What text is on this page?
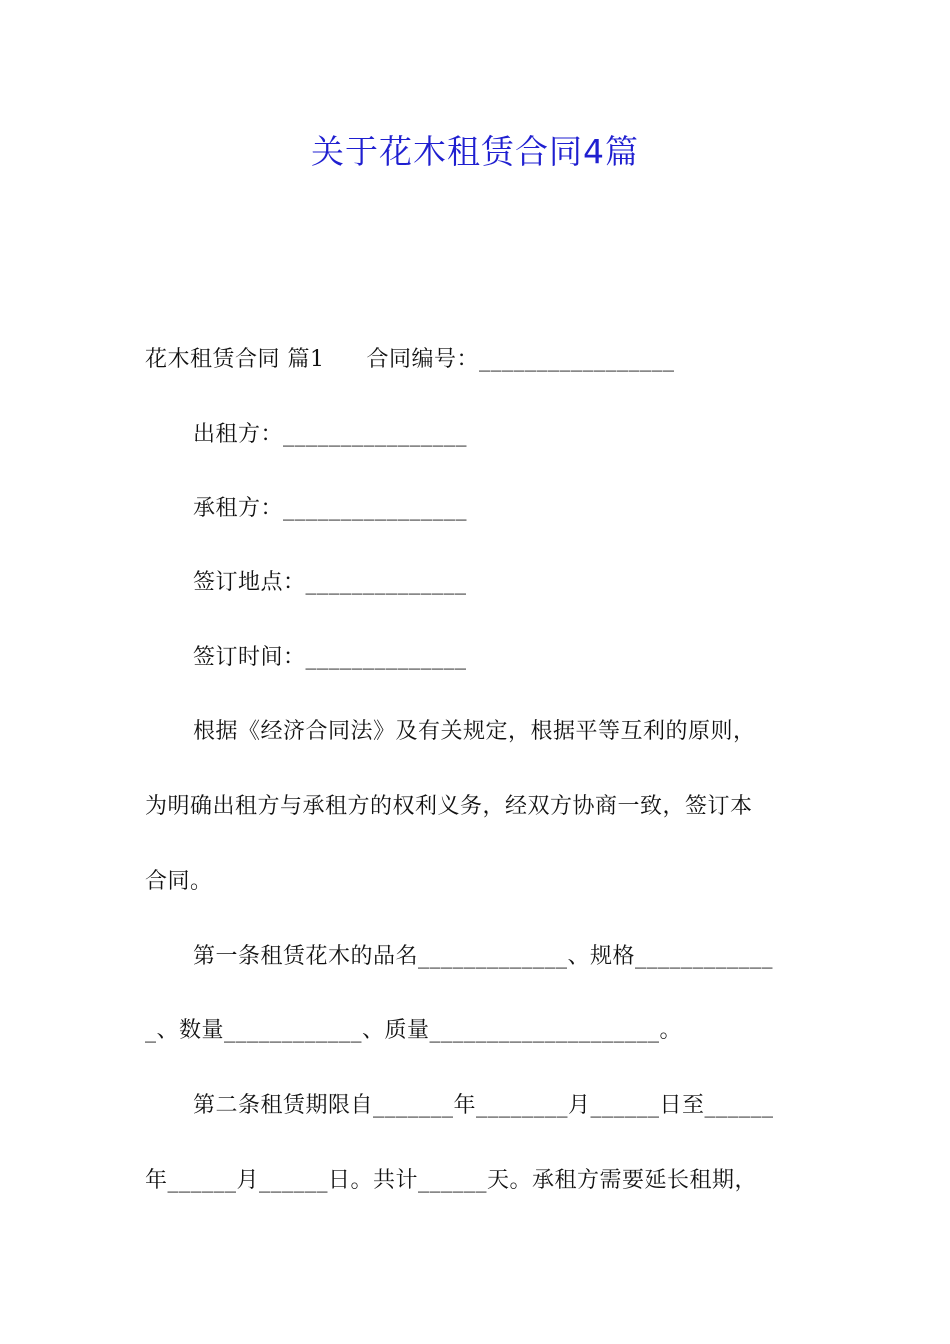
关于花木租赁合同4篇
花木租赁合同 篇1 合同编号：_________________
出租方：________________
承租方：________________
签订地点：______________
签订时间：______________
根据《经济合同法》及有关规定，根据平等互利的原则，
为明确出租方与承租方的权利义务，经双方协商一致，签订本
合同。
第一条租赁花木的品名_____________、规格____________
_、数量____________、质量____________________。
第二条租赁期限自_______年________月______日至______
年______月______日。共计______天。承租方需要延长租期，
